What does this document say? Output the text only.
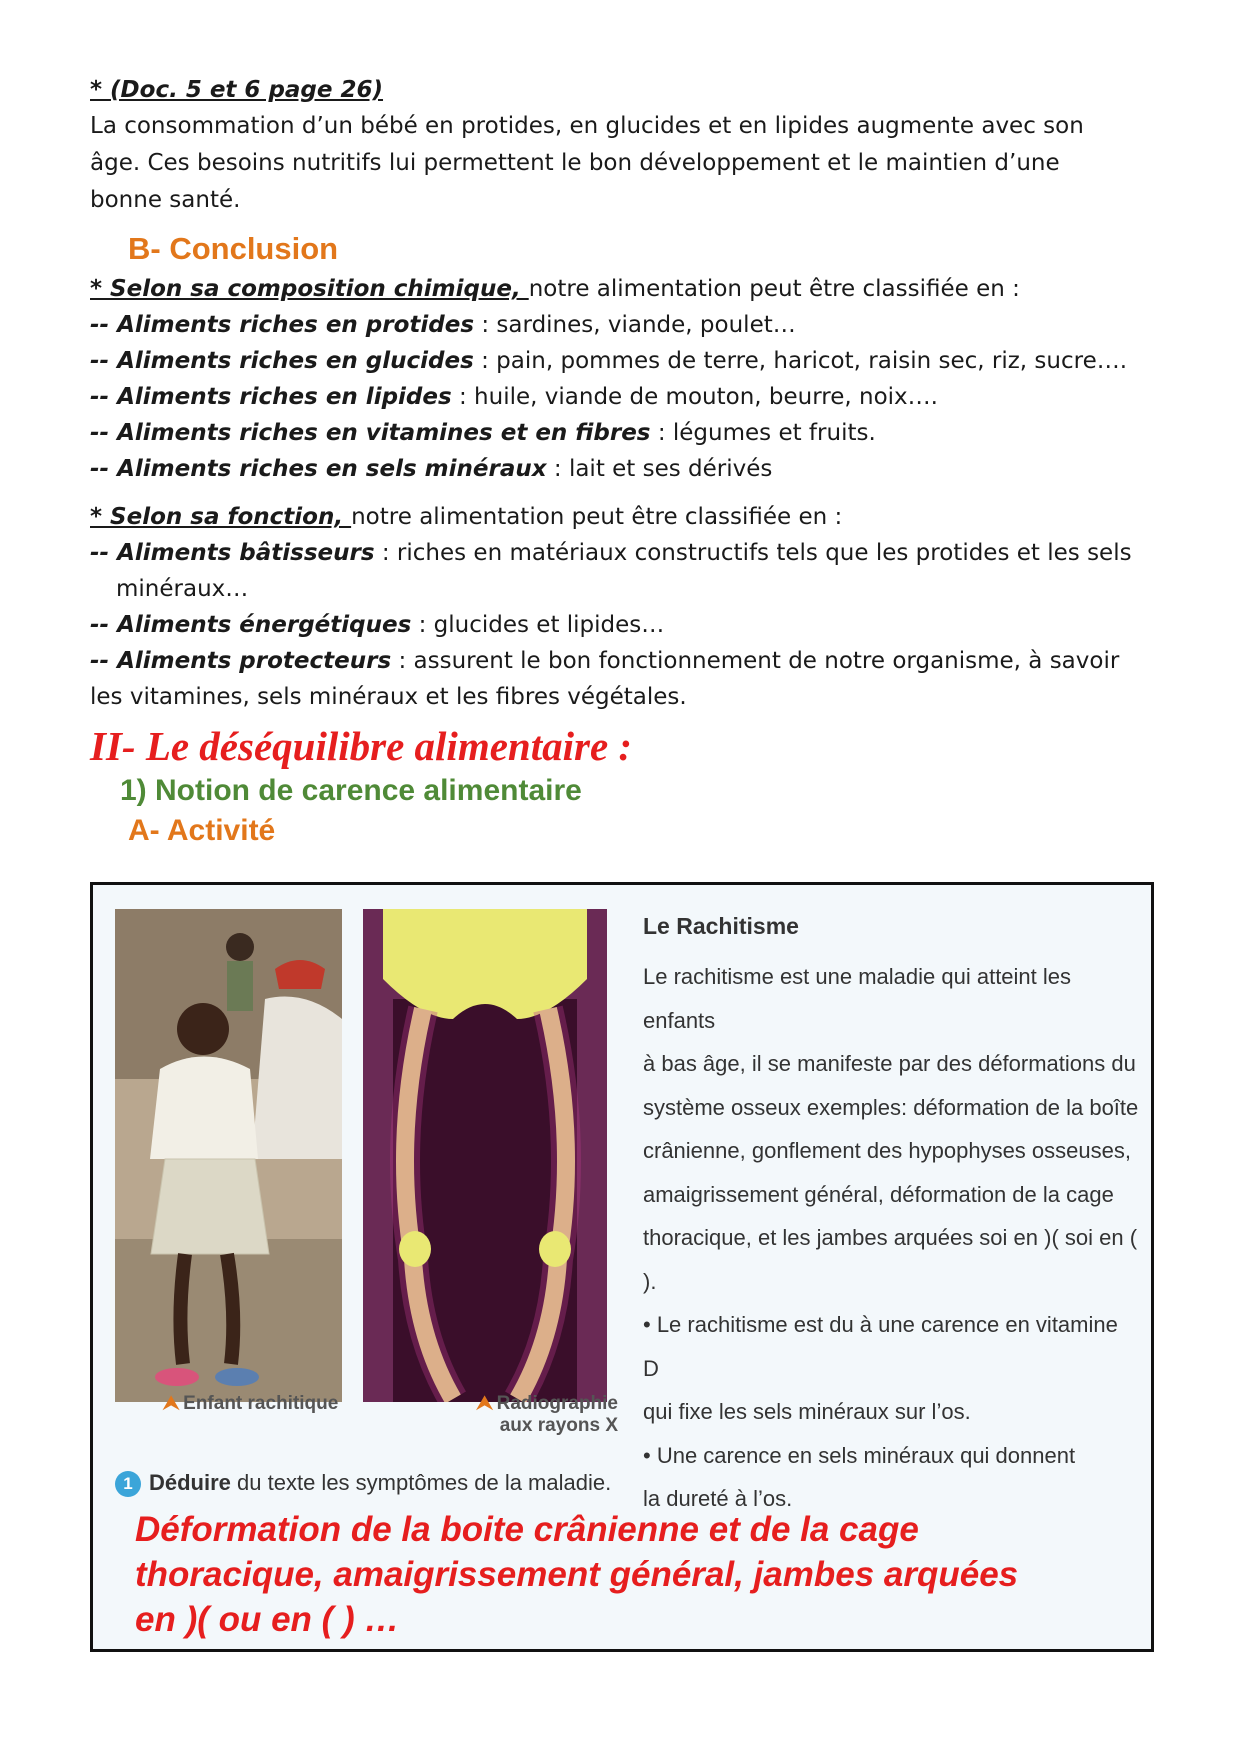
* (Doc. 5 et 6 page 26)
La consommation d’un bébé en protides, en glucides et en lipides augmente avec son
âge. Ces besoins nutritifs lui permettent le bon développement et le maintien d’une
bonne santé.
B- Conclusion
* Selon sa composition chimique, notre alimentation peut être classifiée en :
-- Aliments riches en protides : sardines, viande, poulet…
-- Aliments riches en glucides : pain, pommes de terre, haricot, raisin sec, riz, sucre….
-- Aliments riches en lipides : huile, viande de mouton, beurre, noix….
-- Aliments riches en vitamines et en fibres : légumes et fruits.
-- Aliments riches en sels minéraux : lait et ses dérivés
* Selon sa fonction, notre alimentation peut être classifiée en :
-- Aliments bâtisseurs : riches en matériaux constructifs tels que les protides et les sels
minéraux…
-- Aliments énergétiques : glucides et lipides…
-- Aliments protecteurs : assurent le bon fonctionnement de notre organisme, à savoir
les vitamines, sels minéraux et les fibres végétales.
II- Le déséquilibre alimentaire :
1) Notion de carence alimentaire
A- Activité
⮝ Enfant rachitique	⮝ Radiographie
aux rayons X
Le Rachitisme

Le rachitisme est une maladie qui atteint les enfants

à bas âge, il se manifeste par des déformations du

système osseux exemples: déformation de la boîte

crânienne, gonflement des hypophyses osseuses,

amaigrissement général, déformation de la cage

thoracique, et les jambes arquées soi en )( soi en ( ).

• Le rachitisme est du à une carence en vitamine D

qui fixe les sels minéraux sur l’os.

• Une carence en sels minéraux qui donnent

la dureté à l’os.

1 Déduire du texte les symptômes de la maladie.
Déformation de la boite crânienne et de la cage
thoracique, amaigrissement général, jambes arquées
en )( ou en ( ) …
